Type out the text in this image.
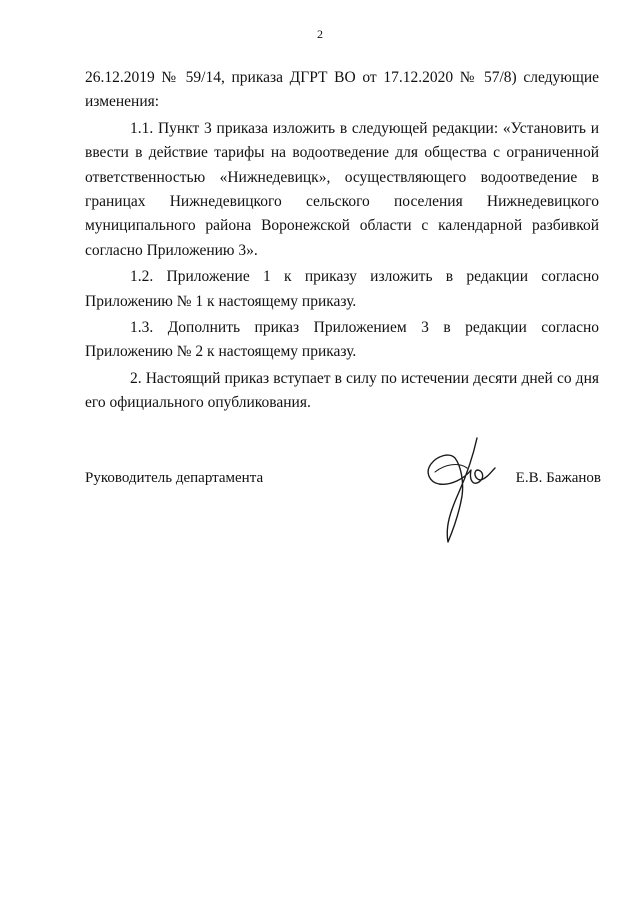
2

26.12.2019 № 59/14, приказа ДГРТ ВО от 17.12.2020 № 57/8) следующие изменения:

1.1. Пункт 3 приказа изложить в следующей редакции: «Установить и ввести в действие тарифы на водоотведение для общества с ограниченной ответственностью «Нижнедевицк», осуществляющего водоотведение в границах Нижнедевицкого сельского поселения Нижнедевицкого муниципального района Воронежской области с календарной разбивкой согласно Приложению 3».

1.2. Приложение 1 к приказу изложить в редакции согласно Приложению № 1 к настоящему приказу.

1.3. Дополнить приказ Приложением 3 в редакции согласно Приложению № 2 к настоящему приказу.

2. Настоящий приказ вступает в силу по истечении десяти дней со дня его официального опубликования.

Руководитель департамента	Е.В. Бажанов
